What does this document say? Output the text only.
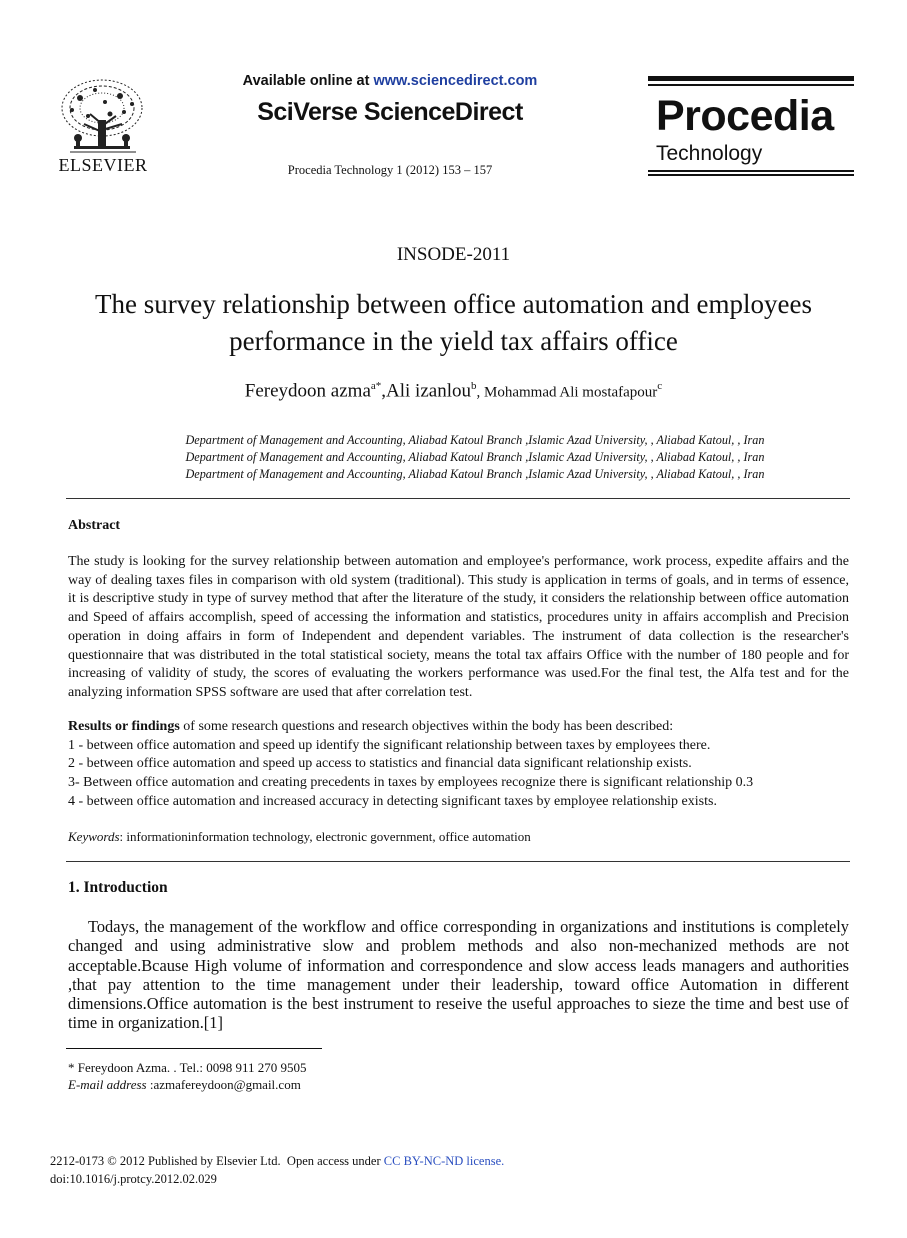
ELSEVIER
Available online at www.sciencedirect.com
SciVerse ScienceDirect
Procedia Technology 1 (2012) 153 – 157
Procedia
Technology
INSODE-2011
The survey relationship between office automation and employees
performance in the yield tax affairs office
Fereydoon azma$^{a*}$,Ali izanlou$^b$, Mohammad Ali mostafapour$^c$
Department of Management and Accounting, Aliabad Katoul Branch ,Islamic Azad University, , Aliabad Katoul, , Iran
Department of Management and Accounting, Aliabad Katoul Branch ,Islamic Azad University, , Aliabad Katoul, , Iran
Department of Management and Accounting, Aliabad Katoul Branch ,Islamic Azad University, , Aliabad Katoul, , Iran
Abstract
The study is looking for the survey relationship between automation and employee's performance, work process, expedite affairs and the way of dealing taxes files in comparison with old system (traditional). This study is application in terms of goals, and in terms of essence, it is descriptive study in type of survey method that after the literature of the study, it considers the relationship between office automation and Speed of affairs accomplish, speed of accessing the information and statistics, procedures unity in affairs accomplish and Precision operation in doing affairs in form of Independent and dependent variables. The instrument of data collection is the researcher's questionnaire that was distributed in the total statistical society, means the total tax affairs Office with the number of 180 people and for increasing of validity of study, the scores of evaluating the workers performance was used.For the final test, the Alfa test and for the analyzing information SPSS software are used that after correlation test.
Results or findings of some research questions and research objectives within the body has been described:
1 - between office automation and speed up identify the significant relationship between taxes by employees there.
2 - between office automation and speed up access to statistics and financial data significant relationship exists.
3- Between office automation and creating precedents in taxes by employees recognize there is significant relationship 0.3
4 - between office automation and increased accuracy in detecting significant taxes by employee relationship exists.
Keywords: informationinformation technology, electronic government, office automation
1. Introduction
Todays, the management of the workflow and office corresponding in organizations and institutions is completely changed and using administrative slow and problem methods and also non-mechanized methods are not acceptable.Bcause High volume of information and correspondence and slow access leads managers and authorities ,that pay attention to the time management under their leadership, toward office Automation in different dimensions.Office automation is the best instrument to reseive the useful approaches to sieze the time and best use of time in organization.[1]
* Fereydoon Azma. . Tel.: 0098 911 270 9505
E-mail address :azmafereydoon@gmail.com
2212-0173 © 2012 Published by Elsevier Ltd.  Open access under CC BY-NC-ND license.
doi:10.1016/j.protcy.2012.02.029
